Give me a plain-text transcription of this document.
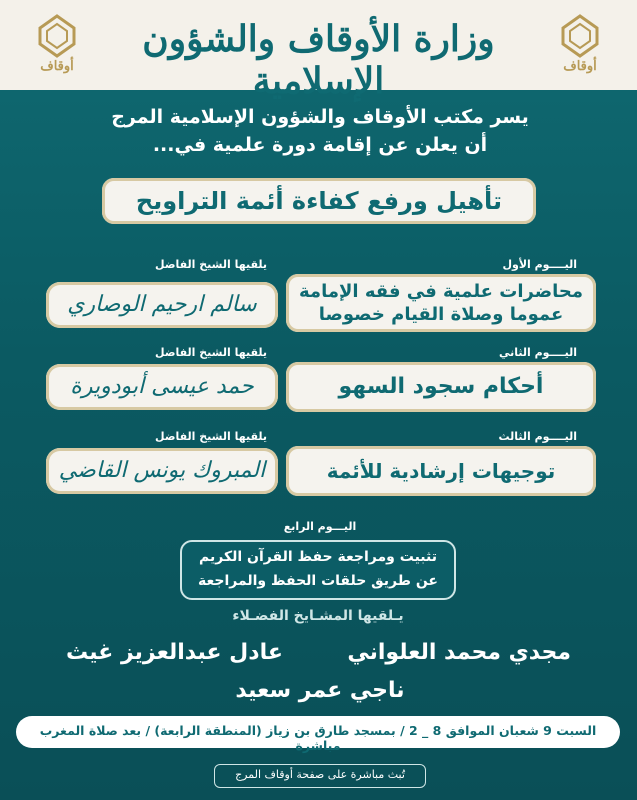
أوقاف
وزارة الأوقاف والشؤون الإسلامية
أوقاف
يسر مكتب الأوقاف والشؤون الإسلامية المرج
أن يعلن عن إقامة دورة علمية في...
تأهيل ورفع كفاءة أئمة التراويح
اليــــوم الأول
يلقيها الشيخ الفاضل
محاضرات علمية في فقه الإمامة
عموما وصلاة القيام خصوصا
سالم ارحيم الوصاري
اليــــوم الثاني
يلقيها الشيخ الفاضل
أحكام سجود السهو
حمد عيسى أبودويرة
اليــــوم الثالث
يلقيها الشيخ الفاضل
توجيهات إرشادية للأئمة
المبروك يونس القاضي
اليـــوم الرابع
تثبيت ومراجعة حفظ القرآن الكريم
عن طريق حلقات الحفظ والمراجعة
يـلقيها المشـايخ الفضـلاء
مجدي محمد العلواني
عادل عبدالعزيز غيث
ناجي عمر سعيد
السبت 9 شعبان الموافق 8 _ 2 / بمسجد طارق بن زياز (المنطقة الرابعة) / بعد صلاة المغرب مباشرة
تُبث مباشرة على صفحة أوقاف المرج
